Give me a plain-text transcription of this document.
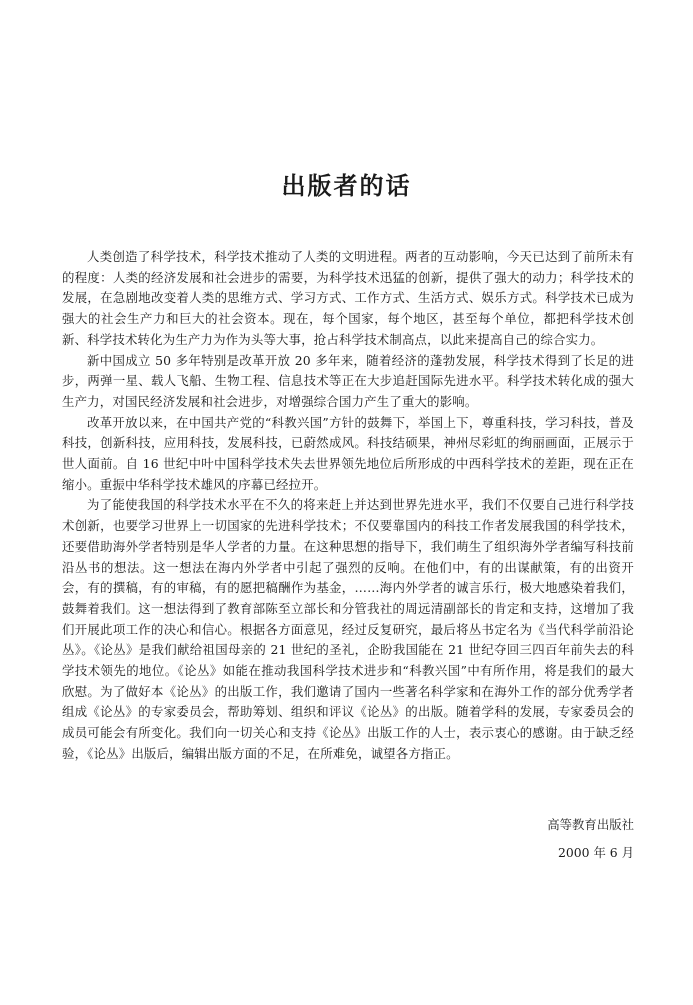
出版者的话

人类创造了科学技术，科学技术推动了人类的文明进程。两者的互动影响，今天已达到了前所未有的程度：人类的经济发展和社会进步的需要，为科学技术迅猛的创新，提供了强大的动力；科学技术的发展，在急剧地改变着人类的思维方式、学习方式、工作方式、生活方式、娱乐方式。科学技术已成为强大的社会生产力和巨大的社会资本。现在，每个国家，每个地区，甚至每个单位，都把科学技术创新、科学技术转化为生产力为作为头等大事，抢占科学技术制高点，以此来提高自己的综合实力。

新中国成立 50 多年特别是改革开放 20 多年来，随着经济的蓬勃发展，科学技术得到了长足的进步，两弹一星、载人飞船、生物工程、信息技术等正在大步追赶国际先进水平。科学技术转化成的强大生产力，对国民经济发展和社会进步，对增强综合国力产生了重大的影响。

改革开放以来，在中国共产党的“科教兴国”方针的鼓舞下，举国上下，尊重科技，学习科技，普及科技，创新科技，应用科技，发展科技，已蔚然成风。科技结硕果，神州尽彩虹的绚丽画面，正展示于世人面前。自 16 世纪中叶中国科学技术失去世界领先地位后所形成的中西科学技术的差距，现在正在缩小。重振中华科学技术雄风的序幕已经拉开。

为了能使我国的科学技术水平在不久的将来赶上并达到世界先进水平，我们不仅要自己进行科学技术创新，也要学习世界上一切国家的先进科学技术；不仅要靠国内的科技工作者发展我国的科学技术，还要借助海外学者特别是华人学者的力量。在这种思想的指导下，我们萌生了组织海外学者编写科技前沿丛书的想法。这一想法在海内外学者中引起了强烈的反响。在他们中，有的出谋献策，有的出资开会，有的撰稿，有的审稿，有的愿把稿酬作为基金，……海内外学者的诚言乐行，极大地感染着我们，鼓舞着我们。这一想法得到了教育部陈至立部长和分管我社的周远清副部长的肯定和支持，这增加了我们开展此项工作的决心和信心。根据各方面意见，经过反复研究，最后将丛书定名为《当代科学前沿论丛》。《论丛》是我们献给祖国母亲的 21 世纪的圣礼，企盼我国能在 21 世纪夺回三四百年前失去的科学技术领先的地位。《论丛》如能在推动我国科学技术进步和“科教兴国”中有所作用，将是我们的最大欣慰。为了做好本《论丛》的出版工作，我们邀请了国内一些著名科学家和在海外工作的部分优秀学者组成《论丛》的专家委员会，帮助筹划、组织和评议《论丛》的出版。随着学科的发展，专家委员会的成员可能会有所变化。我们向一切关心和支持《论丛》出版工作的人士，表示衷心的感谢。由于缺乏经验，《论丛》出版后，编辑出版方面的不足，在所难免，诚望各方指正。

高等教育出版社
2000 年 6 月
